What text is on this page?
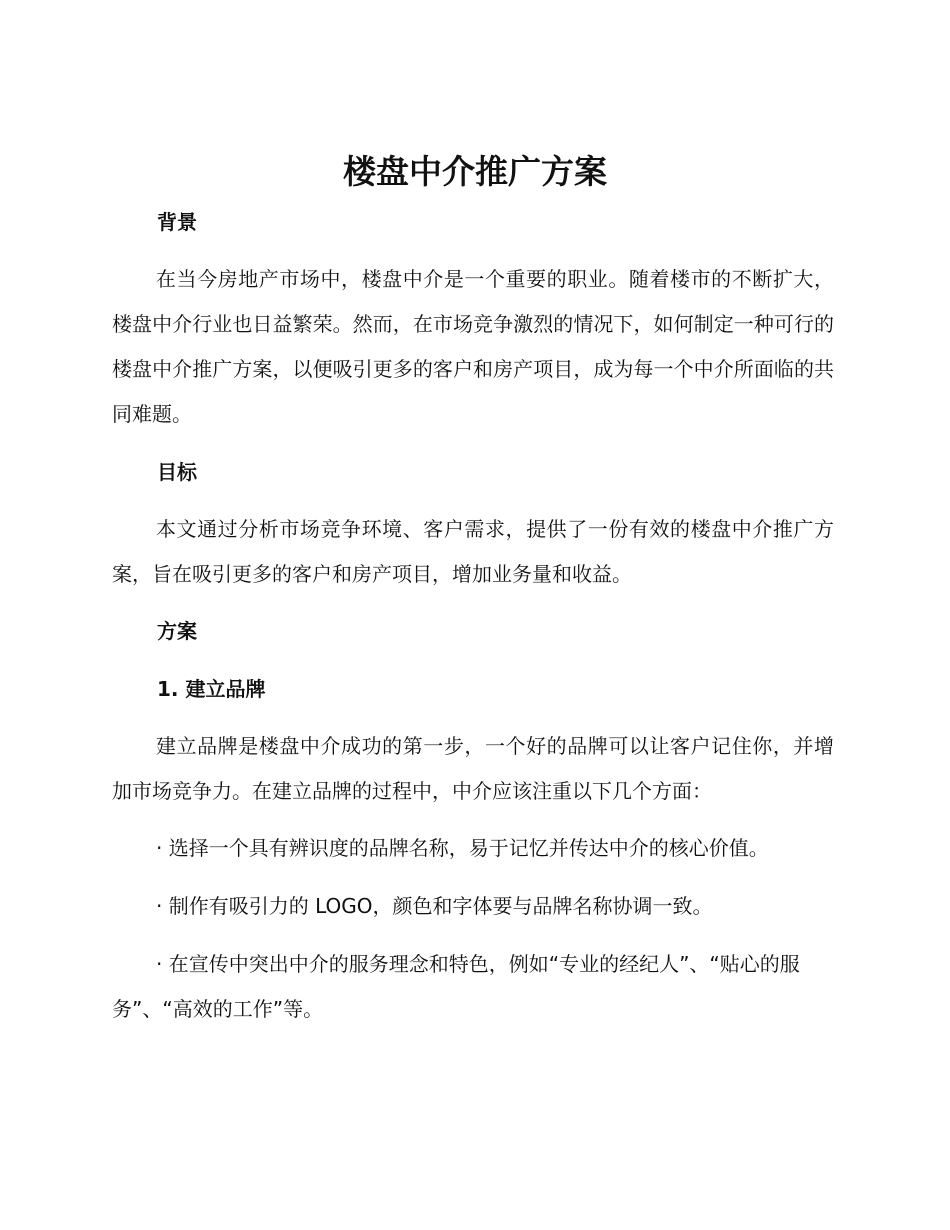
楼盘中介推广方案
背景

在当今房地产市场中，楼盘中介是一个重要的职业。随着楼市的不断扩大，楼盘中介行业也日益繁荣。然而，在市场竞争激烈的情况下，如何制定一种可行的楼盘中介推广方案，以便吸引更多的客户和房产项目，成为每一个中介所面临的共同难题。

目标

本文通过分析市场竞争环境、客户需求，提供了一份有效的楼盘中介推广方案，旨在吸引更多的客户和房产项目，增加业务量和收益。

方案
1. 建立品牌

建立品牌是楼盘中介成功的第一步，一个好的品牌可以让客户记住你，并增加市场竞争力。在建立品牌的过程中，中介应该注重以下几个方面：

· 选择一个具有辨识度的品牌名称，易于记忆并传达中介的核心价值。

· 制作有吸引力的 LOGO，颜色和字体要与品牌名称协调一致。

· 在宣传中突出中介的服务理念和特色，例如“专业的经纪人”、“贴心的服务”、“高效的工作”等。
